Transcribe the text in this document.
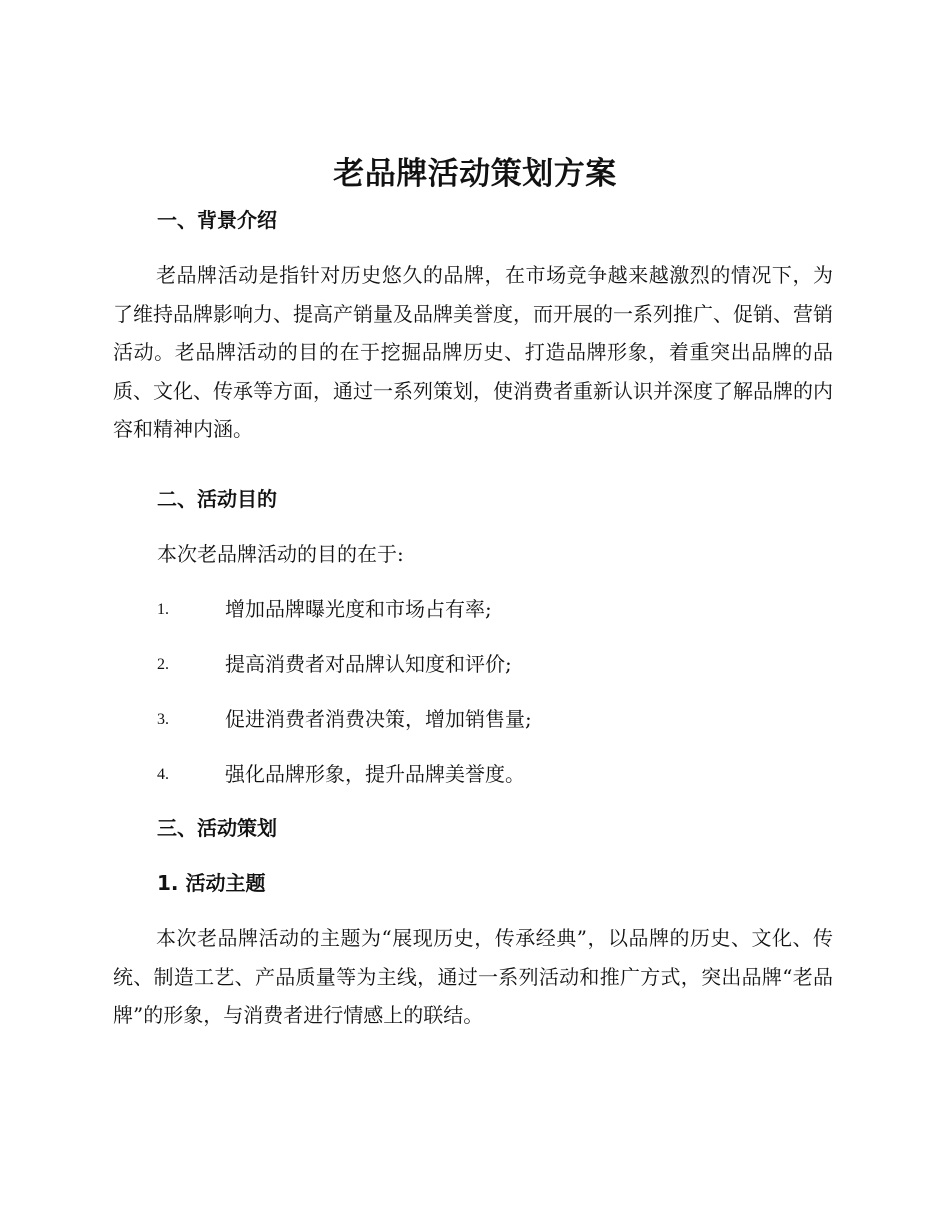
老品牌活动策划方案
一、背景介绍

老品牌活动是指针对历史悠久的品牌，在市场竞争越来越激烈的情况下，为了维持品牌影响力、提高产销量及品牌美誉度，而开展的一系列推广、促销、营销活动。老品牌活动的目的在于挖掘品牌历史、打造品牌形象，着重突出品牌的品质、文化、传承等方面，通过一系列策划，使消费者重新认识并深度了解品牌的内容和精神内涵。

二、活动目的

本次老品牌活动的目的在于:

1.	增加品牌曝光度和市场占有率;
2.	提高消费者对品牌认知度和评价;
3.	促进消费者消费决策，增加销售量;
4.	强化品牌形象，提升品牌美誉度。
三、活动策划
1. 活动主题

本次老品牌活动的主题为“展现历史，传承经典”，以品牌的历史、文化、传统、制造工艺、产品质量等为主线，通过一系列活动和推广方式，突出品牌“老品牌”的形象，与消费者进行情感上的联结。
